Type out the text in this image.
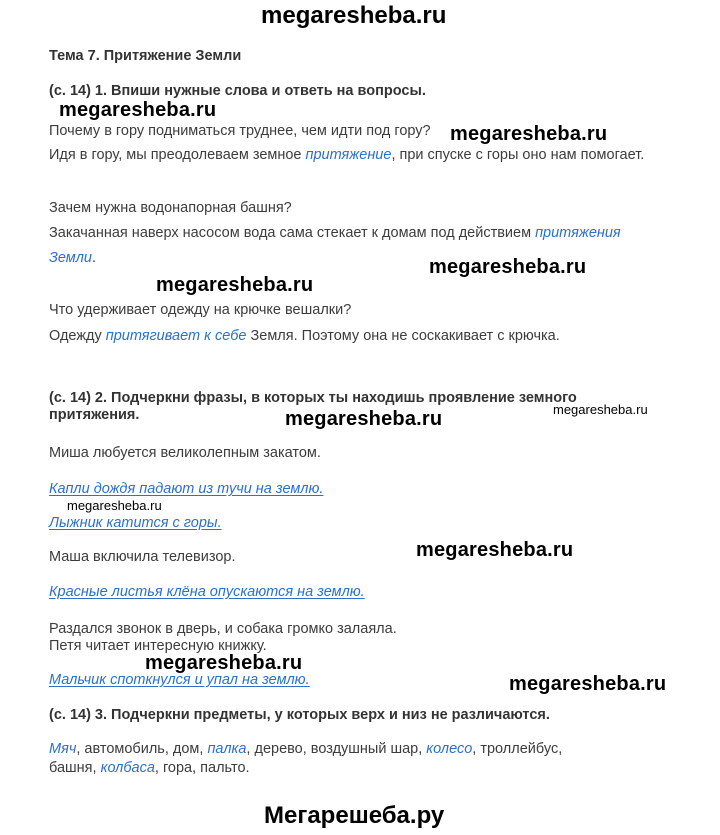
megaresheba.ru
Тема 7. Притяжение Земли
(с. 14) 1. Впиши нужные слова и ответь на вопросы.
megaresheba.ru
Почему в гору подниматься труднее, чем идти под гору? megaresheba.ru
Идя в гору, мы преодолеваем земное притяжение, при спуске с горы оно нам помогает.
Зачем нужна водонапорная башня?
Закачанная наверх насосом вода сама стекает к домам под действием притяжения
Земли.
megaresheba.ru
megaresheba.ru
Что удерживает одежду на крючке вешалки?
Одежду притягивает к себе Земля. Поэтому она не соскакивает с крючка.
(с. 14) 2. Подчеркни фразы, в которых ты находишь проявление земного
притяжения.	megaresheba.ru	megaresheba.ru
Миша любуется великолепным закатом.
Капли дождя падают из тучи на землю.
megaresheba.ru
Лыжник катится с горы.
Маша включила телевизор.	megaresheba.ru
Красные листья клёна опускаются на землю.
Раздался звонок в дверь, и собака громко залаяла.
Петя читает интересную книжку.
megaresheba.ru
Мальчик споткнулся и упал на землю.	megaresheba.ru
(с. 14) 3. Подчеркни предметы, у которых верх и низ не различаются.
Мяч, автомобиль, дом, палка, дерево, воздушный шар, колесо, троллейбус,
башня, колбаса, гора, пальто.
Мегарешеба.ру
